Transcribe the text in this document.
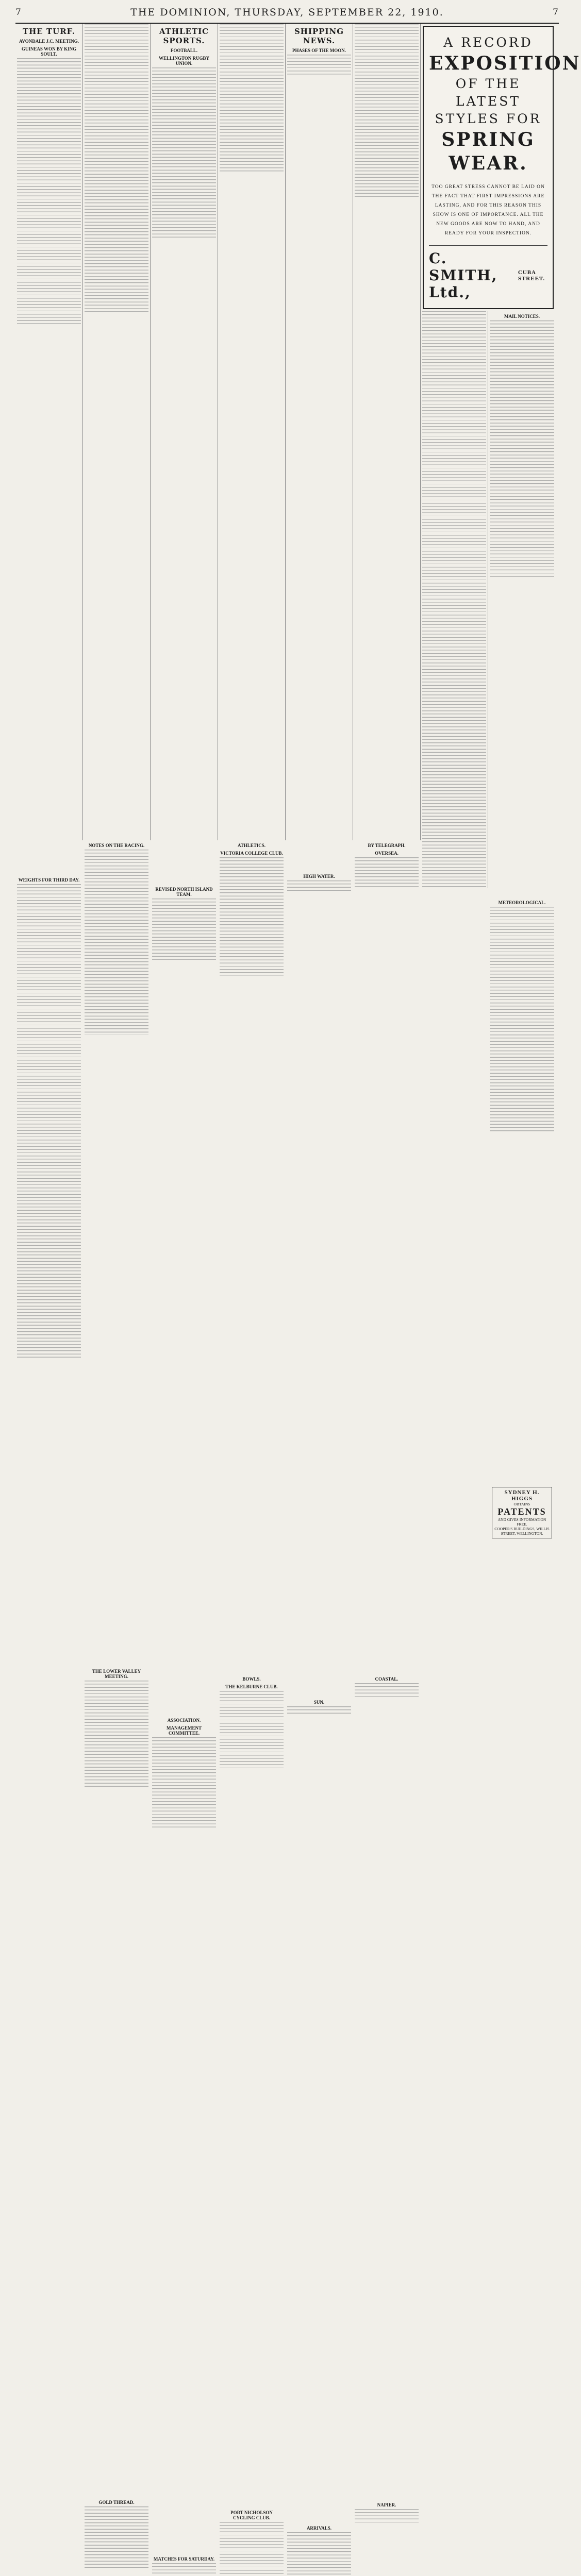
7	THE DOMINION, THURSDAY, SEPTEMBER 22, 1910.	7
THE TURF.
AVONDALE J.C. MEETING.
GUINEAS WON BY KING SOULT.
WEIGHTS FOR THIRD DAY.
NOTES ON THE RACING.
THE LOWER VALLEY MEETING.
GOLD THREAD.
ATHLETIC SPORTS.
FOOTBALL.
WELLINGTON RUGBY UNION.
REVISED NORTH ISLAND TEAM.
ASSOCIATION.
MANAGEMENT COMMITTEE.
MATCHES FOR SATURDAY.
ATHLETICS.
VICTORIA COLLEGE CLUB.
BOWLS.
THE KELBURNE CLUB.
PORT NICHOLSON CYCLING CLUB.
SHIPPING NEWS.
PHASES OF THE MOON.
HIGH WATER.
SUN.
ARRIVALS.
BY TELEGRAPH.
OVERSEA.
COASTAL.
NAPIER.
A RECORD
EXPOSITION
OF THE LATEST
STYLES FOR
SPRING WEAR.
TOO GREAT STRESS CANNOT BE LAID ON THE FACT THAT FIRST IMPRESSIONS ARE LASTING, AND FOR THIS REASON THIS SHOW IS ONE OF IMPORTANCE. ALL THE NEW GOODS ARE NOW TO HAND, AND READY FOR YOUR INSPECTION.
C. SMITH, Ltd.,
CUBA STREET.
MAIL NOTICES.
METEOROLOGICAL.
SYDNEY H. HIGGS
OBTAINS
PATENTS
AND GIVES INFORMATION FREE.
COOPER'S BUILDINGS, WILLIS STREET, WELLINGTON.
